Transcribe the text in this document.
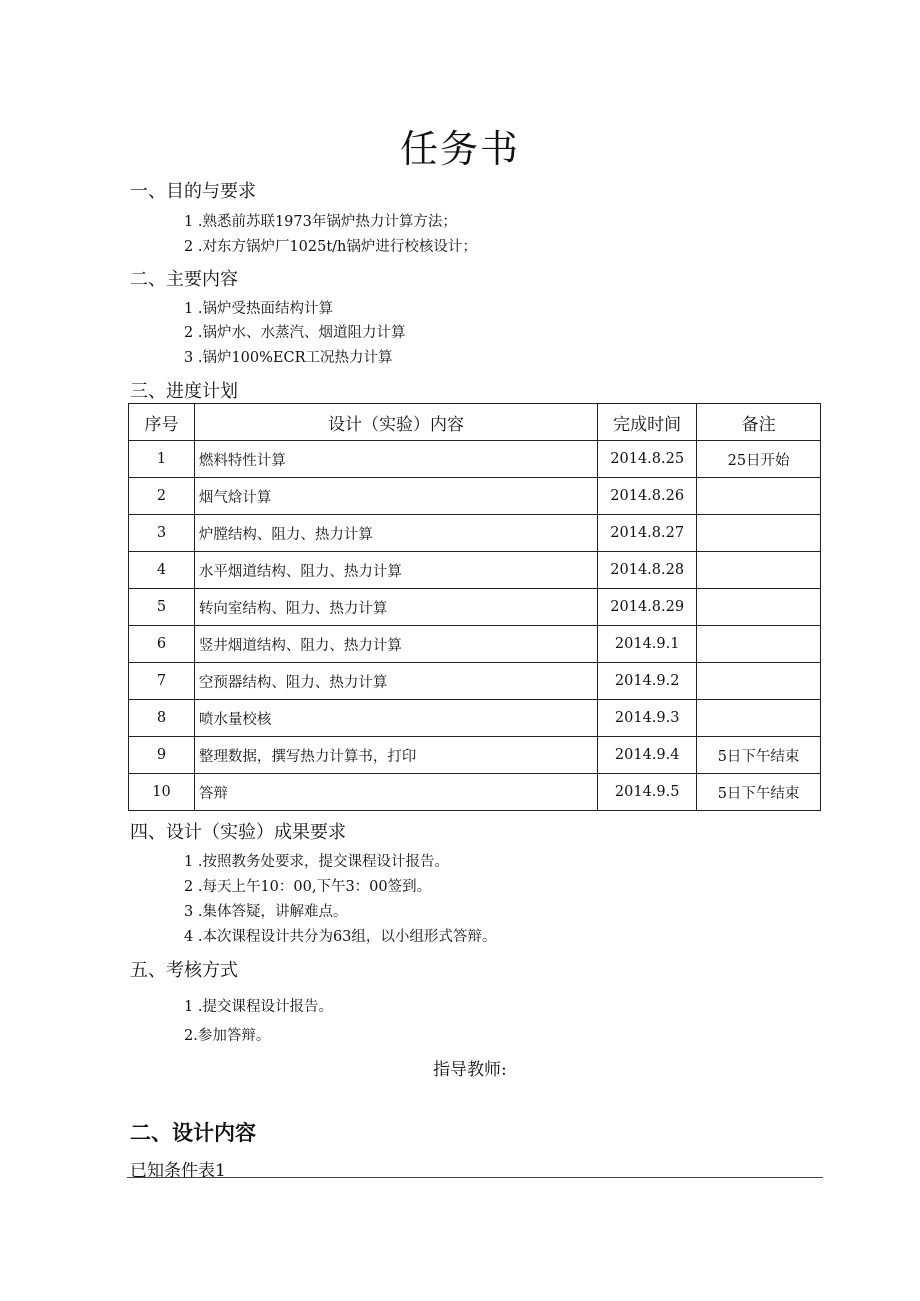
任务书
一、目的与要求
1 .熟悉前苏联1973年锅炉热力计算方法；
2 .对东方锅炉厂1025t/h锅炉进行校核设计；
二、主要内容
1 .锅炉受热面结构计算
2 .锅炉水、水蒸汽、烟道阻力计算
3 .锅炉100%ECR工况热力计算
三、进度计划
序号	设计（实验）内容	完成时间	备注
1	燃料特性计算	2014.8.25	25日开始
2	烟气焓计算	2014.8.26	
3	炉膛结构、阻力、热力计算	2014.8.27	
4	水平烟道结构、阻力、热力计算	2014.8.28	
5	转向室结构、阻力、热力计算	2014.8.29	
6	竖井烟道结构、阻力、热力计算	2014.9.1	
7	空预器结构、阻力、热力计算	2014.9.2	
8	喷水量校核	2014.9.3	
9	整理数据，撰写热力计算书，打印	2014.9.4	5日下午结束
10	答辩	2014.9.5	5日下午结束
四、设计（实验）成果要求
1 .按照教务处要求，提交课程设计报告。
2 .每天上午10：00,下午3：00签到。
3 .集体答疑，讲解难点。
4 .本次课程设计共分为63组，以小组形式答辩。
五、考核方式
1 .提交课程设计报告。
2.参加答辩。
指导教师:
二、设计内容
已知条件表1
